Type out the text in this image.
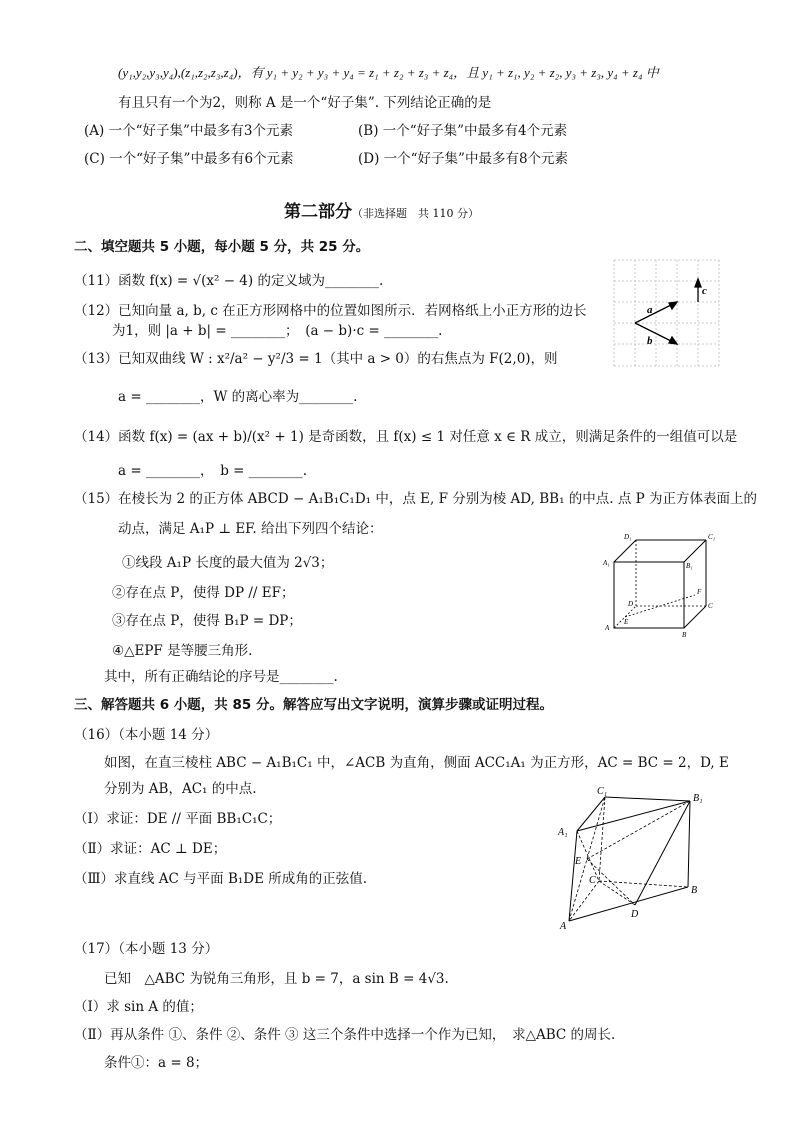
(y₁,y₂,y₃,y₄),(z₁,z₂,z₃,z₄)，有 y₁ + y₂ + y₃ + y₄ = z₁ + z₂ + z₃ + z₄，且 y₁ + z₁, y₂ + z₂, y₃ + z₃, y₄ + z₄ 中
有且只有一个为2，则称 A 是一个“好子集”. 下列结论正确的是
(A) 一个“好子集”中最多有3个元素	(B) 一个“好子集”中最多有4个元素
(C) 一个“好子集”中最多有6个元素	(D) 一个“好子集”中最多有8个元素
第二部分（非选择题　共 110 分）
二、填空题共 5 小题，每小题 5 分，共 25 分。
（11）函数 f(x) = √(x² − 4) 的定义域为________.
（12）已知向量 a, b, c 在正方形网格中的位置如图所示．若网格纸上小正方形的边长
为1，则 |a + b| = ________；　(a − b)·c = ________.
a
b
c
（13）已知双曲线 W : x²/a² − y²/3 = 1（其中 a > 0）的右焦点为 F(2,0)，则
a = ________，W 的离心率为________.
（14）函数 f(x) = (ax + b)/(x² + 1) 是奇函数，且 f(x) ≤ 1 对任意 x ∈ R 成立，则满足条件的一组值可以是
a = ________，　b = ________.
（15）在棱长为 2 的正方体 ABCD − A₁B₁C₁D₁ 中，点 E, F 分别为棱 AD, BB₁ 的中点. 点 P 为正方体表面上的
动点，满足 A₁P ⊥ EF. 给出下列四个结论：
①线段 A₁P 长度的最大值为 2√3；
②存在点 P，使得 DP // EF；
③存在点 P，使得 B₁P = DP；
④△EPF 是等腰三角形.
其中，所有正确结论的序号是________.
D₁	C₁
A₁	B₁
D	C
A
B
E
F
三、解答题共 6 小题，共 85 分。解答应写出文字说明，演算步骤或证明过程。
（16）（本小题 14 分）
如图，在直三棱柱 ABC − A₁B₁C₁ 中，∠ACB 为直角，侧面 ACC₁A₁ 为正方形，AC = BC = 2，D, E
分别为 AB，AC₁ 的中点.
（Ⅰ）求证：DE // 平面 BB₁C₁C；
（Ⅱ）求证：AC ⊥ DE；
（Ⅲ）求直线 AC 与平面 B₁DE 所成角的正弦值.
C₁
B₁
A₁
E
C
B
A
D
（17）（本小题 13 分）
已知　△ABC 为锐角三角形，且 b = 7，a sin B = 4√3.
（Ⅰ）求 sin A 的值；
（Ⅱ）再从条件 ①、条件 ②、条件 ③ 这三个条件中选择一个作为已知，　求△ABC 的周长.
条件①：a = 8；
